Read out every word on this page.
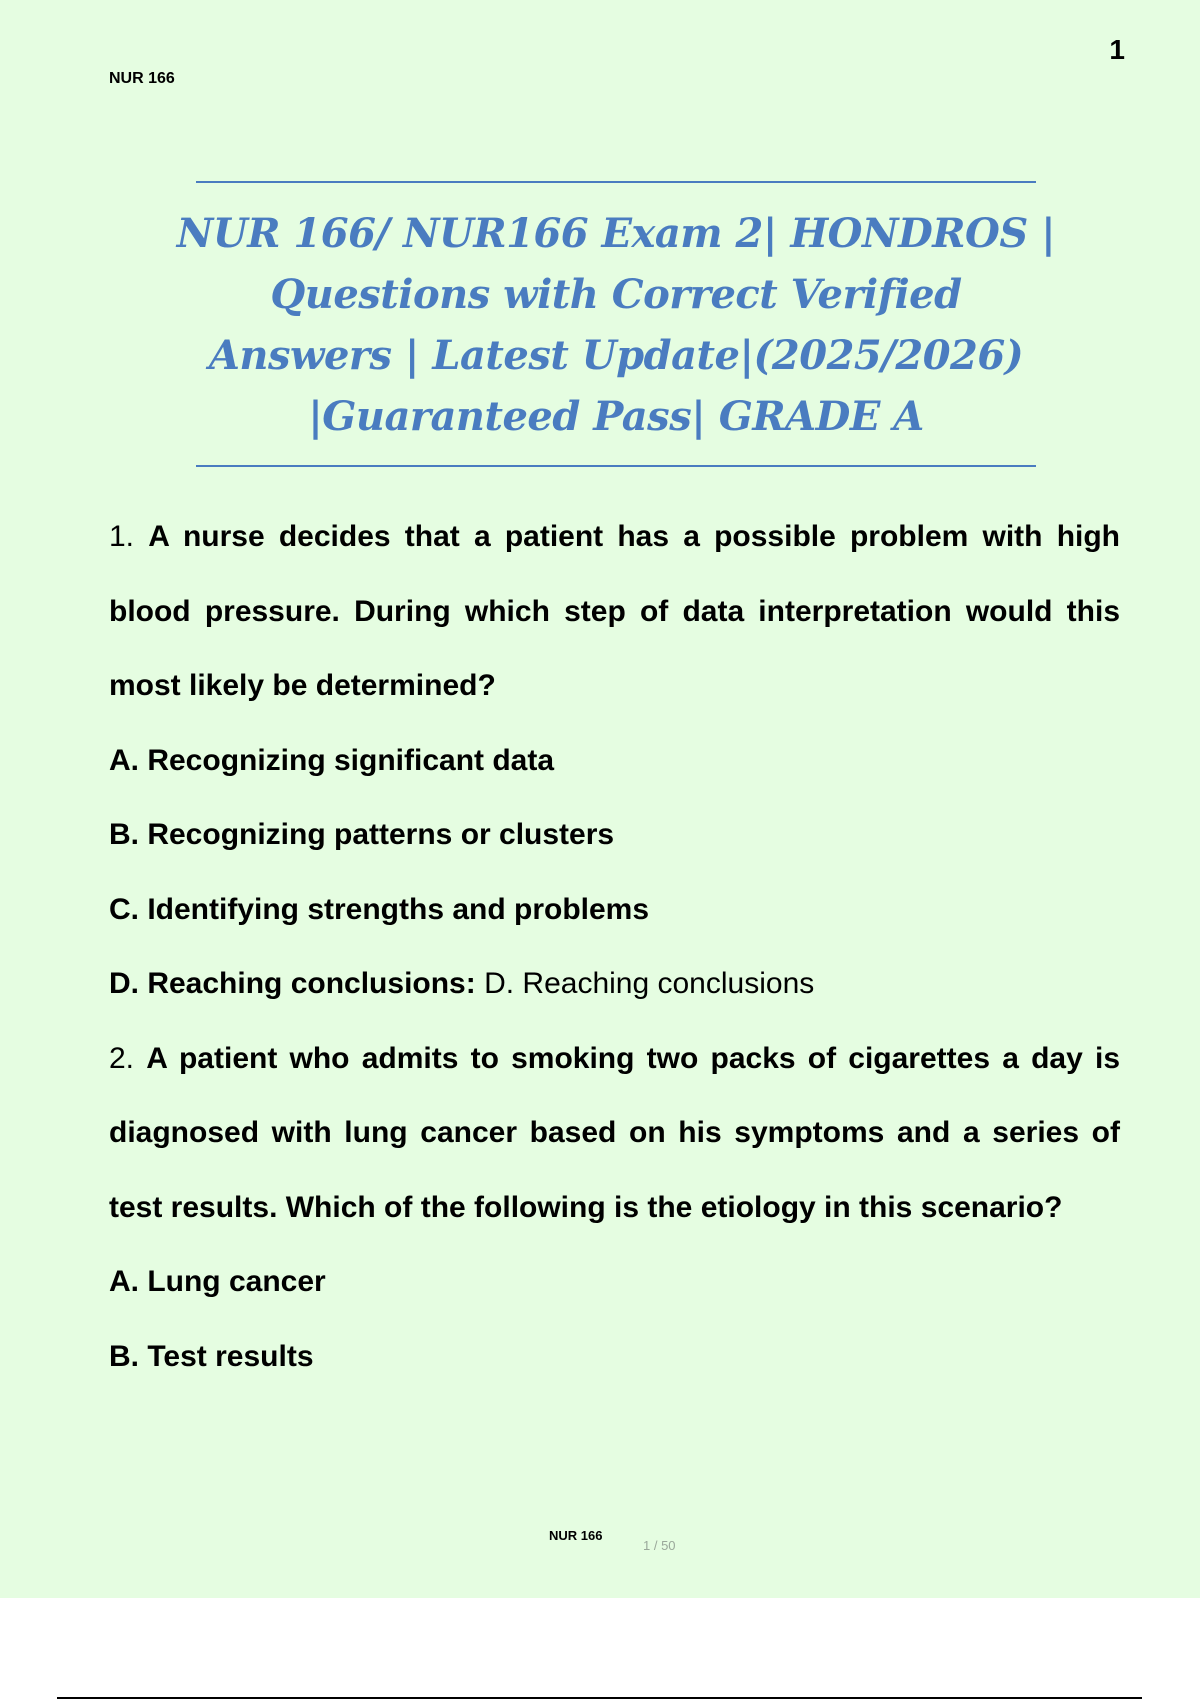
NUR 166
1
NUR 166/ NUR166 Exam 2| HONDROS |
Questions with Correct Verified
Answers | Latest Update|(2025/2026)
|Guaranteed Pass| GRADE A

1. A nurse decides that a patient has a possible problem with high blood pressure. During which step of data interpretation would this most likely be determined?

A. Recognizing significant data

B. Recognizing patterns or clusters

C. Identifying strengths and problems

D. Reaching conclusions: D. Reaching conclusions

2. A patient who admits to smoking two packs of cigarettes a day is diagnosed with lung cancer based on his symptoms and a series of test results. Which of the following is the etiology in this scenario?

A. Lung cancer

B. Test results

NUR 166
1 / 50
